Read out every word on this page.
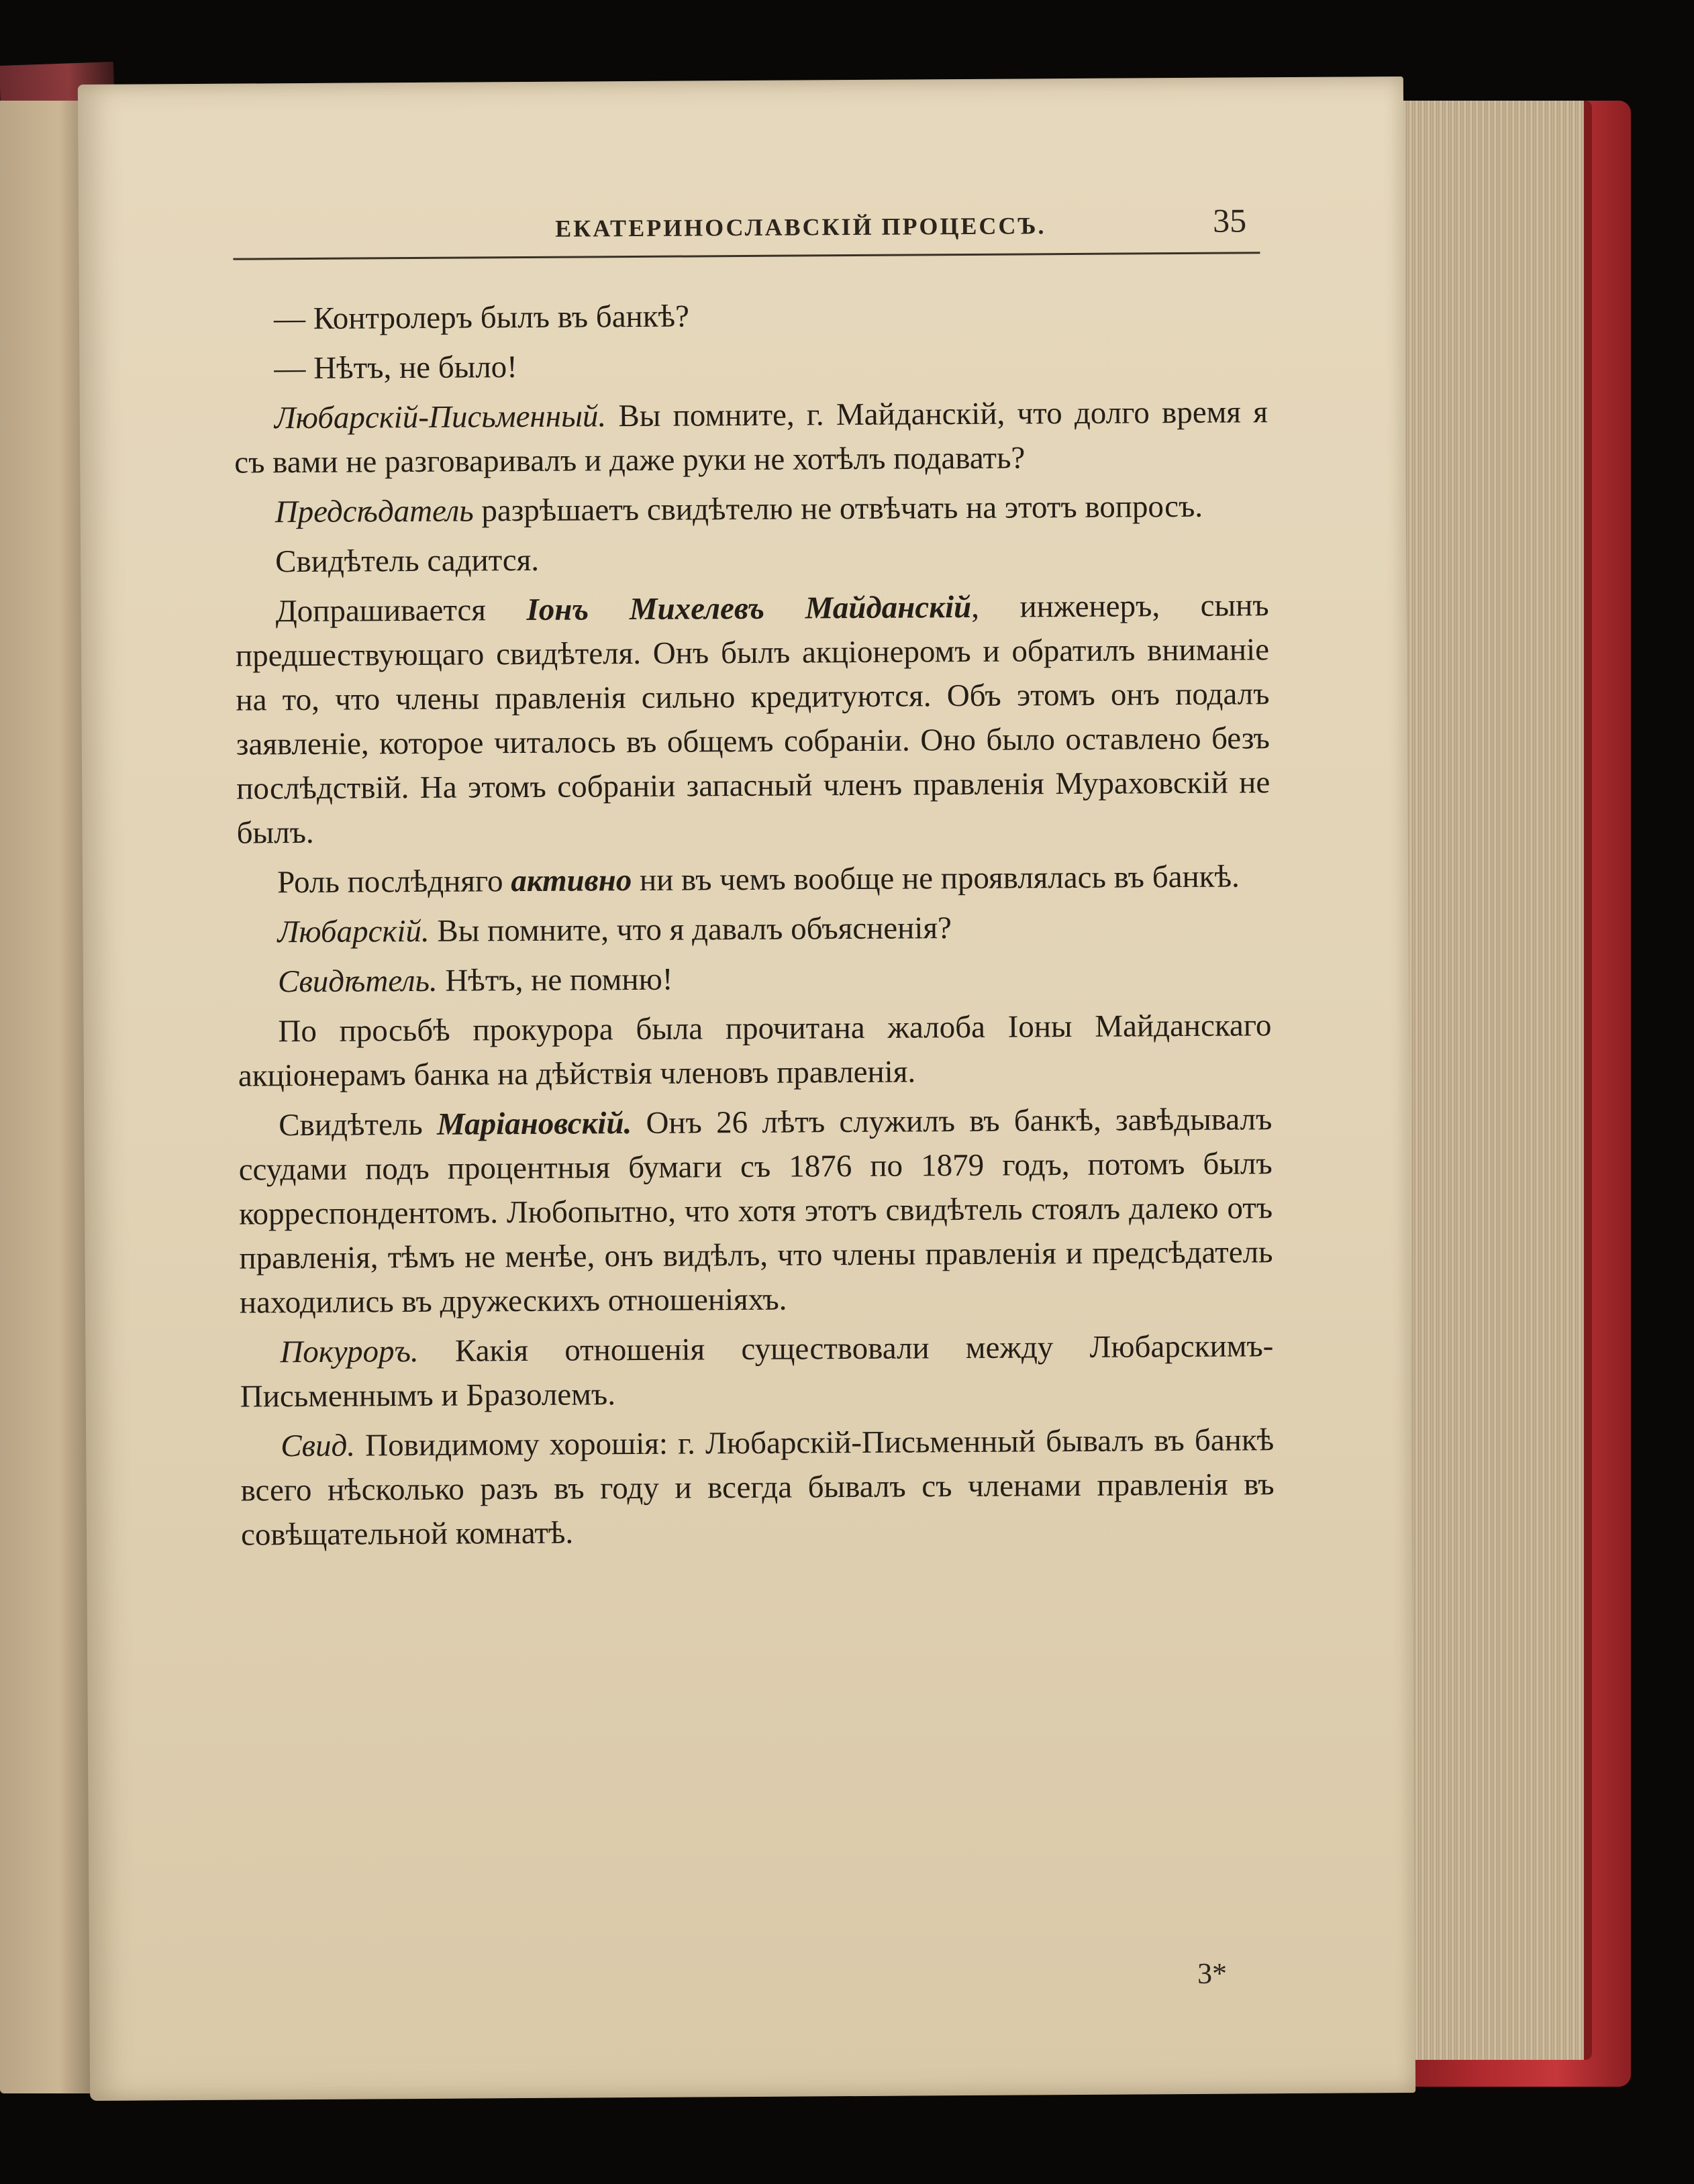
ЕКАТЕРИНОСЛАВСКІЙ ПРОЦЕССЪ.	35

— Контролеръ былъ въ банкѣ?

— Нѣтъ, не было!

Любарскій-Письменный. Вы помните, г. Майданскій, что долго время я съ вами не разговаривалъ и даже руки не хотѣлъ подавать?

Предсѣдатель разрѣшаетъ свидѣтелю не отвѣчать на этотъ вопросъ.

Свидѣтель садится.

Допрашивается Іонъ Михелевъ Майданскій, инженеръ, сынъ предшествующаго свидѣтеля. Онъ былъ акціонеромъ и обратилъ вниманіе на то, что члены правленія сильно кредитуются. Объ этомъ онъ подалъ заявленіе, которое читалось въ общемъ собраніи. Оно было оставлено безъ послѣдствій. На этомъ собраніи запасный членъ правленія Мураховскій не былъ.

Роль послѣдняго активно ни въ чемъ вообще не проявлялась въ банкѣ.

Любарскій. Вы помните, что я давалъ объясненія?

Свидѣтель. Нѣтъ, не помню!

По просьбѣ прокурора была прочитана жалоба Іоны Майданскаго акціонерамъ банка на дѣйствія членовъ правленія.

Свидѣтель Маріановскій. Онъ 26 лѣтъ служилъ въ банкѣ, завѣдывалъ ссудами подъ процентныя бумаги съ 1876 по 1879 годъ, потомъ былъ корреспондентомъ. Любопытно, что хотя этотъ свидѣтель стоялъ далеко отъ правленія, тѣмъ не менѣе, онъ видѣлъ, что члены правленія и предсѣдатель находились въ дружескихъ отношеніяхъ.

Покуроръ. Какія отношенія существовали между Любарскимъ-Письменнымъ и Бразолемъ.

Свид. Повидимому хорошія: г. Любарскій-Письменный бывалъ въ банкѣ всего нѣсколько разъ въ году и всегда бывалъ съ членами правленія въ совѣщательной комнатѣ.

3*
